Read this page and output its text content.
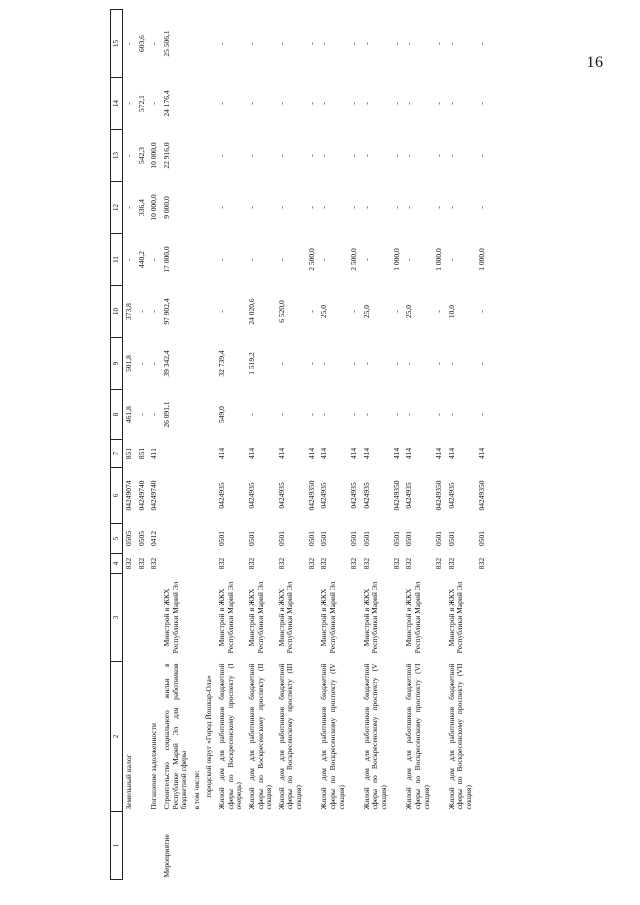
16
1	2	3	4	5	6	7	8	9	10	11	12	13	14	15
	Земельный налог		832	0505	04249074	851	461,8	501,8	373,8	-	-	-	-	-
			832	0505	04249740	851	-	-	-	440,2	336,4	542,3	572,1	603,6
	Погашение задолженности		832	0412	04249740	411	-	-	-	-	10 000,0	10 000,0	-	-
Мероприятие	Строительство социального жилья в Республике Марий Эл для работников бюджетной сферы	Минстрой и ЖКХ Республики Марий Эл					26 091,1	39 342,4	97 902,4	17 000,0	9 000,0	22 916,0	24 176,4	25 506,1
	в том числе:													
	городской округ «Город Йошкар-Ола»													
	Жилой дом для работников бюджетной сферы по Воскресенскому проспекту (I очередь)	Минстрой и ЖКХ Республики Марий Эл	832	0501	0424935	414	549,0	32 739,4	-	-	-	-	-	-
	Жилой дом для работников бюджетной сферы по Воскресенскому проспекту (II секция)	Минстрой и ЖКХ Республики Марий Эл	832	0501	0424935	414	-	1 519,2	24 020,6	-	-	-	-	-
	Жилой дом для работников бюджетной сферы по Воскресенскому проспекту (III секция)	Минстрой и ЖКХ Республики Марий Эл	832	0501	0424935	414	-	-	6 520,0	-	-	-	-	-
			832	0501	04249350	414	-	-	-	2 500,0	-	-	-	-
	Жилой дом для работников бюджетной сферы по Воскресенскому проспекту (IV секция)	Минстрой и ЖКХ Республики Марий Эл	832	0501	0424935	414	-	-	25,0	-	-	-	-	-
			832	0501	0424935	414	-	-	-	2 500,0	-	-	-	-
	Жилой дом для работников бюджетной сферы по Воскресенскому проспекту (V секция)	Минстрой и ЖКХ Республики Марий Эл	832	0501	0424935	414	-	-	25,0	-	-	-	-	-
			832	0501	04249350	414	-	-	-	1 000,0	-	-	-	-
	Жилой дом для работников бюджетной сферы по Воскресенскому проспекту (VI секция)	Минстрой и ЖКХ Республики Марий Эл	832	0501	0424935	414	-	-	25,0	-	-	-	-	-
			832	0501	04249350	414	-	-	-	1 000,0	-	-	-	-
	Жилой дом для работников бюджетной сферы по Воскресенскому проспекту (VII секция)	Минстрой и ЖКХ Республики Марий Эл	832	0501	0424935	414	-	-	10,0	-	-	-	-	-
			832	0501	04249350	414	-	-	-	1 000,0	-	-	-	-
